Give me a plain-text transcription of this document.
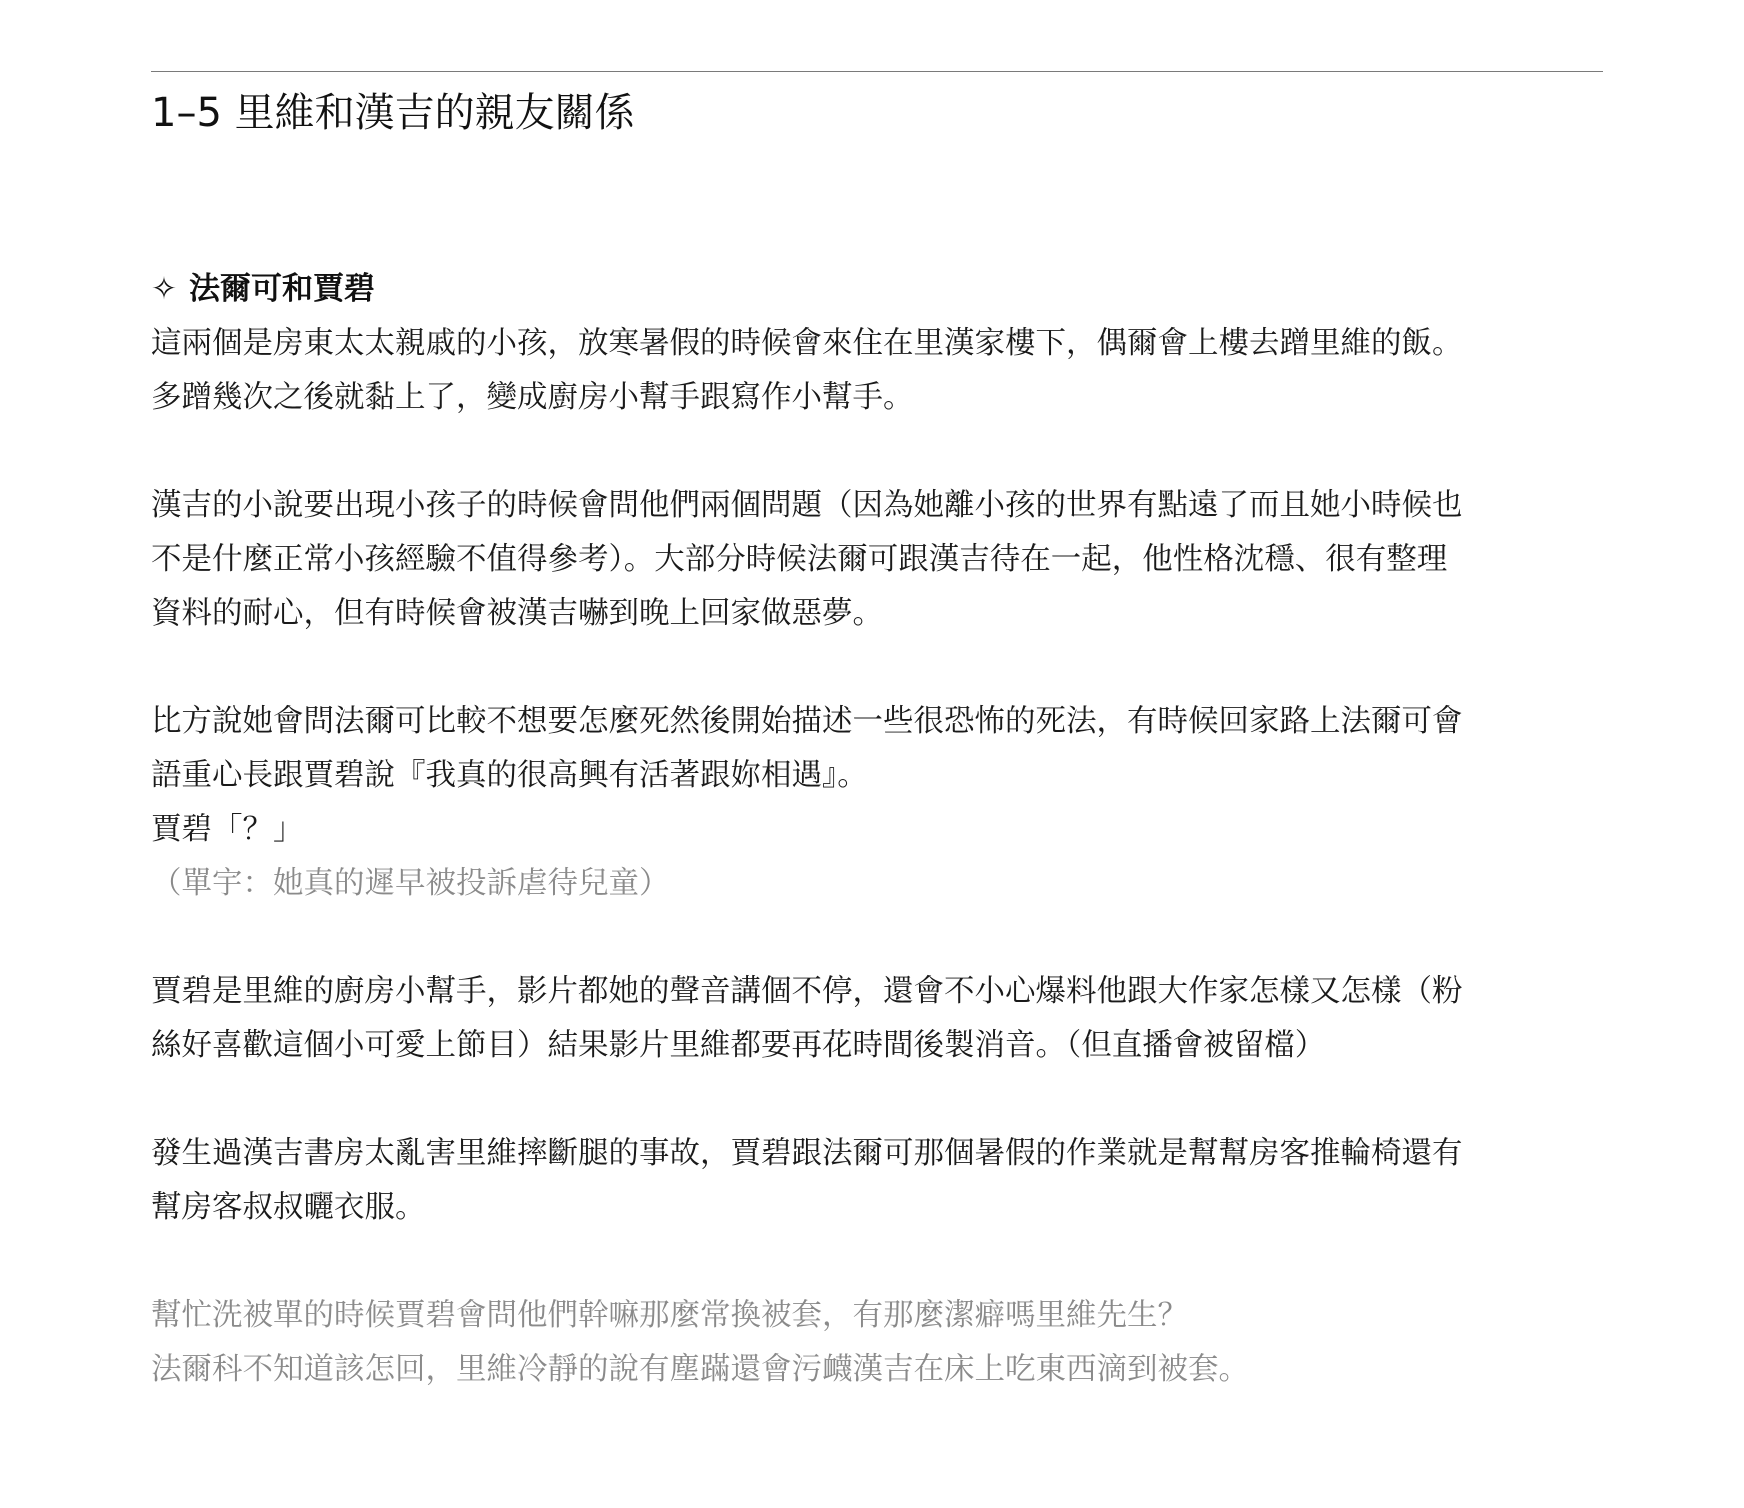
1–5 里維和漢吉的親友關係
✧ 法爾可和賈碧

這兩個是房東太太親戚的小孩，放寒暑假的時候會來住在里漢家樓下，偶爾會上樓去蹭里維的飯。
多蹭幾次之後就黏上了，變成廚房小幫手跟寫作小幫手。

漢吉的小說要出現小孩子的時候會問他們兩個問題（因為她離小孩的世界有點遠了而且她小時候也
不是什麼正常小孩經驗不值得參考）。大部分時候法爾可跟漢吉待在一起，他性格沈穩、很有整理
資料的耐心，但有時候會被漢吉嚇到晚上回家做惡夢。

比方說她會問法爾可比較不想要怎麼死然後開始描述一些很恐怖的死法，有時候回家路上法爾可會
語重心長跟賈碧說『我真的很高興有活著跟妳相遇』。
賈碧「？」
（單宇：她真的遲早被投訴虐待兒童）

賈碧是里維的廚房小幫手，影片都她的聲音講個不停，還會不小心爆料他跟大作家怎樣又怎樣（粉
絲好喜歡這個小可愛上節目）結果影片里維都要再花時間後製消音。（但直播會被留檔）

發生過漢吉書房太亂害里維摔斷腿的事故，賈碧跟法爾可那個暑假的作業就是幫幫房客推輪椅還有
幫房客叔叔曬衣服。

幫忙洗被單的時候賈碧會問他們幹嘛那麼常換被套，有那麼潔癖嗎里維先生？
法爾科不知道該怎回，里維冷靜的說有塵蹣還會污衊漢吉在床上吃東西滴到被套。
